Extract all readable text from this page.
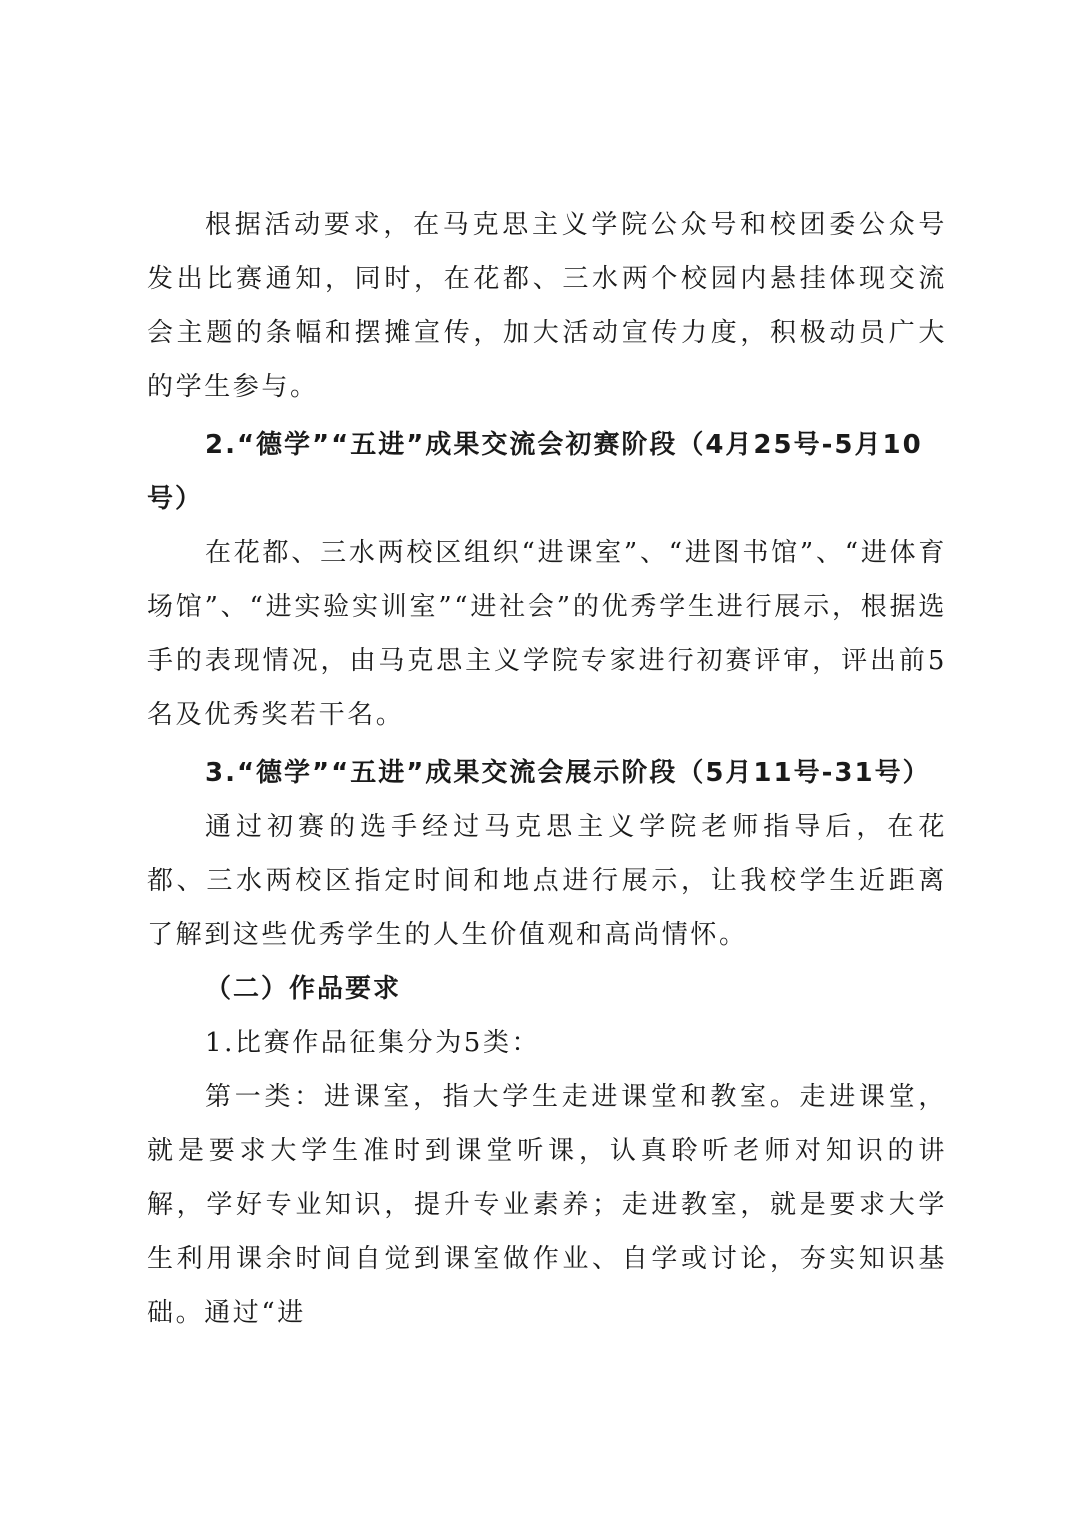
根据活动要求，在马克思主义学院公众号和校团委公众号发出比赛通知，同时，在花都、三水两个校园内悬挂体现交流会主题的条幅和摆摊宣传，加大活动宣传力度，积极动员广大的学生参与。

2.“德学”“五进”成果交流会初赛阶段（4月25号-5月10号）

在花都、三水两校区组织“进课室”、“进图书馆”、“进体育场馆”、“进实验实训室”“进社会”的优秀学生进行展示，根据选手的表现情况，由马克思主义学院专家进行初赛评审，评出前5名及优秀奖若干名。

3.“德学”“五进”成果交流会展示阶段（5月11号-31号）

通过初赛的选手经过马克思主义学院老师指导后，在花都、三水两校区指定时间和地点进行展示，让我校学生近距离了解到这些优秀学生的人生价值观和高尚情怀。

（二）作品要求

1.比赛作品征集分为5类：

第一类：进课室，指大学生走进课堂和教室。走进课堂，就是要求大学生准时到课堂听课，认真聆听老师对知识的讲解，学好专业知识，提升专业素养；走进教室，就是要求大学生利用课余时间自觉到课室做作业、自学或讨论，夯实知识基础。通过“进
